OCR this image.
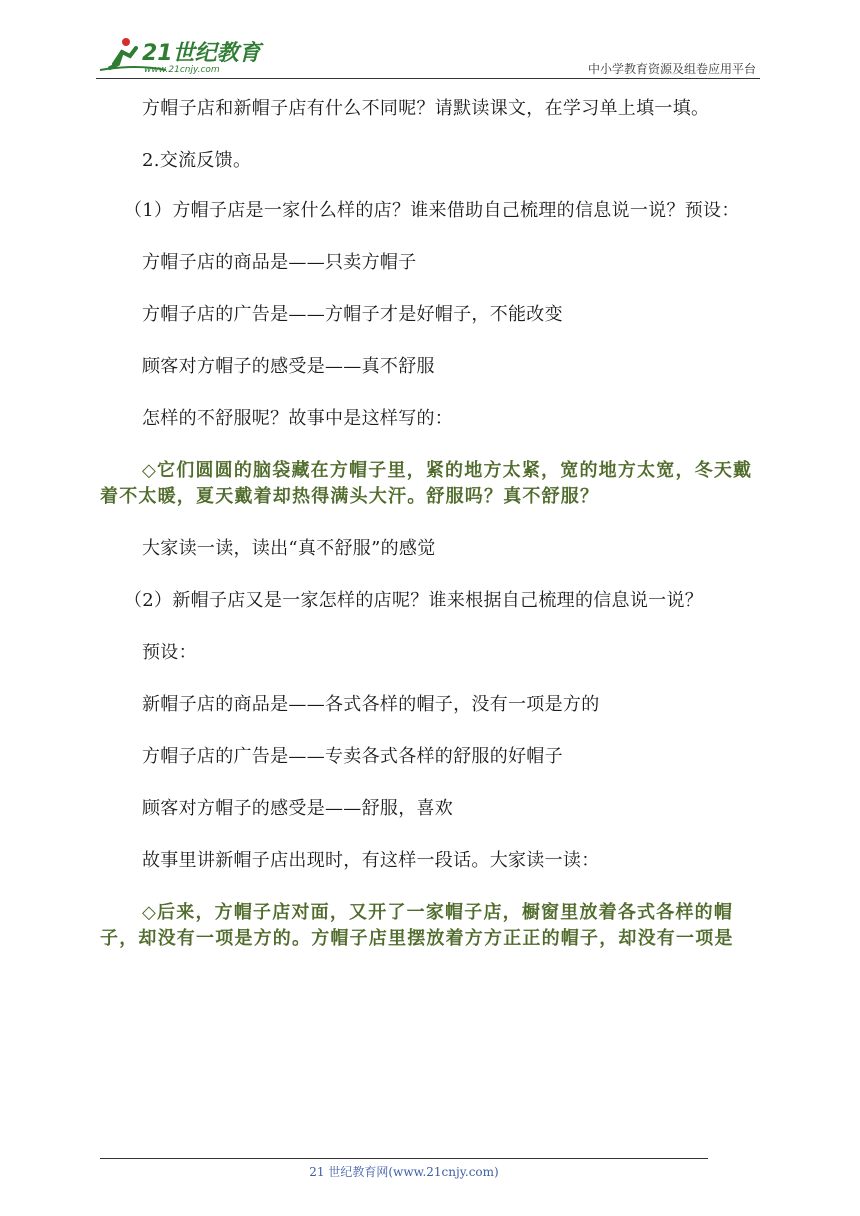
21世纪教育
www.21cnjy.com	中小学教育资源及组卷应用平台

方帽子店和新帽子店有什么不同呢？请默读课文，在学习单上填一填。

2.交流反馈。

（1）方帽子店是一家什么样的店？谁来借助自己梳理的信息说一说？预设：

方帽子店的商品是——只卖方帽子

方帽子店的广告是——方帽子才是好帽子，不能改变

顾客对方帽子的感受是——真不舒服

怎样的不舒服呢？故事中是这样写的：

◇它们圆圆的脑袋藏在方帽子里，紧的地方太紧，宽的地方太宽，冬天戴着不太暖，夏天戴着却热得满头大汗。舒服吗？真不舒服？

大家读一读，读出“真不舒服”的感觉

（2）新帽子店又是一家怎样的店呢？谁来根据自己梳理的信息说一说？

预设：

新帽子店的商品是——各式各样的帽子，没有一项是方的

方帽子店的广告是——专卖各式各样的舒服的好帽子

顾客对方帽子的感受是——舒服，喜欢

故事里讲新帽子店出现时，有这样一段话。大家读一读：

◇后来，方帽子店对面，又开了一家帽子店，橱窗里放着各式各样的帽子，却没有一项是方的。方帽子店里摆放着方方正正的帽子，却没有一项是

21 世纪教育网(www.21cnjy.com)
